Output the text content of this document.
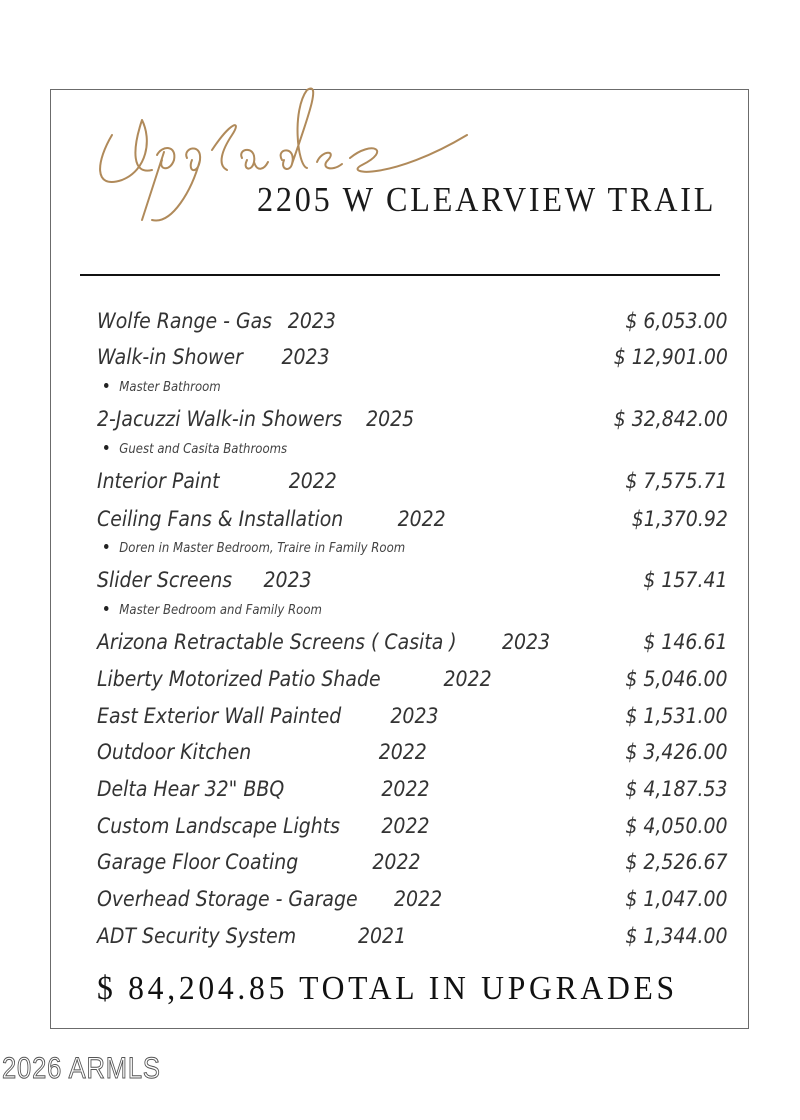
2205 W CLEARVIEW TRAIL
Wolfe Range - Gas 2023	$ 6,053.00
Walk-in Shower 2023	$ 12,901.00
Master Bathroom
2-Jacuzzi Walk-in Showers 2025	$ 32,842.00
Guest and Casita Bathrooms
Interior Paint	2022	$ 7,575.71
Ceiling Fans & Installation	2022	$1,370.92
Doren in Master Bedroom, Traire in Family Room
Slider Screens 2023	$ 157.41
Master Bedroom and Family Room
Arizona Retractable Screens ( Casita ) 2023	$ 146.61
Liberty Motorized Patio Shade	2022	$ 5,046.00
East Exterior Wall Painted 2023	$ 1,531.00
Outdoor Kitchen	2022	$ 3,426.00
Delta Hear 32" BBQ	2022	$ 4,187.53
Custom Landscape Lights 2022	$ 4,050.00
Garage Floor Coating	2022	$ 2,526.67
Overhead Storage - Garage 2022	$ 1,047.00
ADT Security System	2021	$ 1,344.00
$ 84,204.85 TOTAL IN UPGRADES
2026 ARMLS
